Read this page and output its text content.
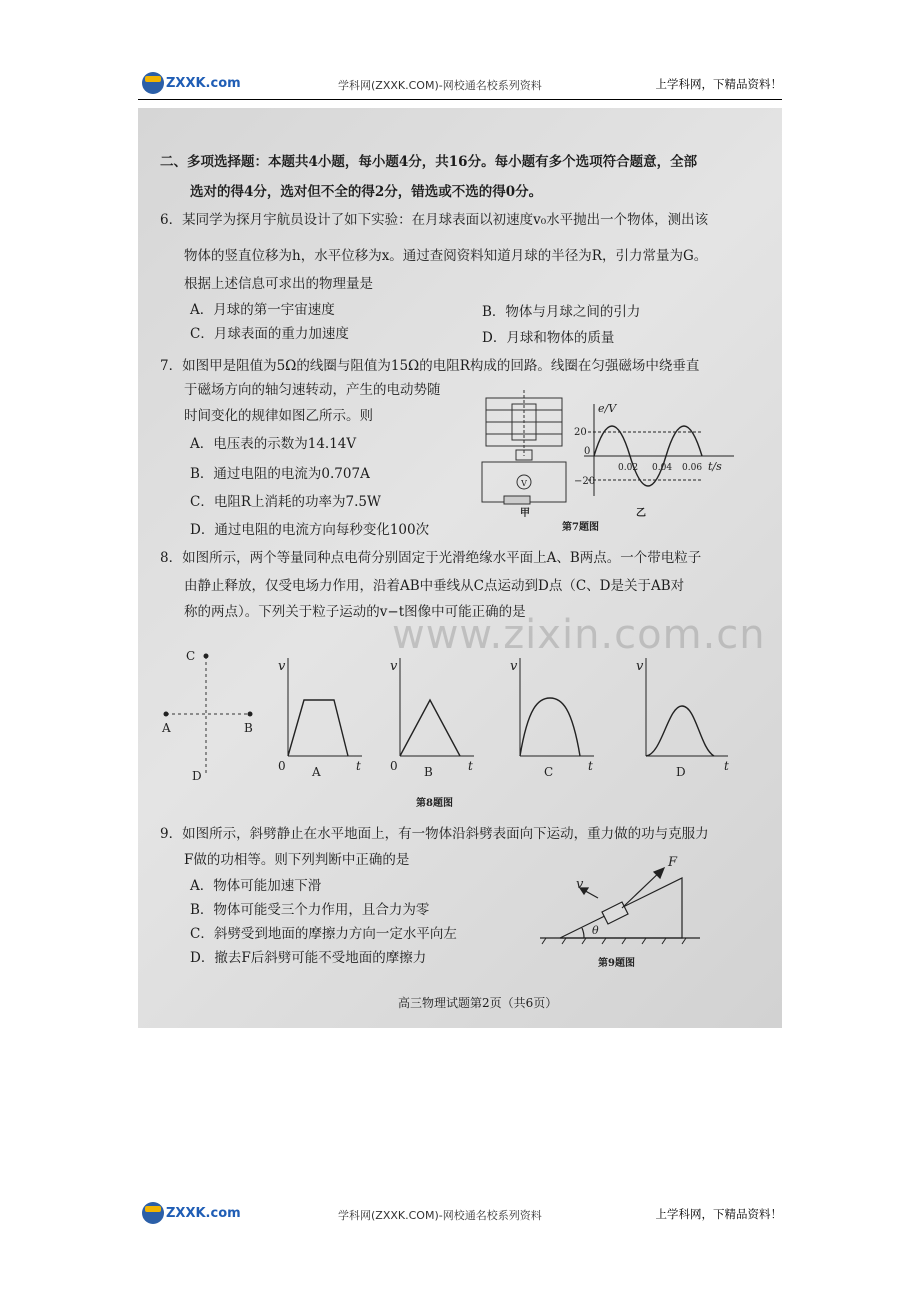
ZXXK.com	学科网(ZXXK.COM)-网校通名校系列资料	上学科网，下精品资料！
二、多项选择题：本题共4小题，每小题4分，共16分。每小题有多个选项符合题意，全部
选对的得4分，选对但不全的得2分，错选或不选的得0分。
6．某同学为探月宇航员设计了如下实验：在月球表面以初速度v₀水平抛出一个物体，测出该
物体的竖直位移为h，水平位移为x。通过查阅资料知道月球的半径为R，引力常量为G。
根据上述信息可求出的物理量是
A．月球的第一宇宙速度	B．物体与月球之间的引力
C．月球表面的重力加速度	D．月球和物体的质量
7．如图甲是阻值为5Ω的线圈与阻值为15Ω的电阻R构成的回路。线圈在匀强磁场中绕垂直
于磁场方向的轴匀速转动，产生的电动势随
时间变化的规律如图乙所示。则
A．电压表的示数为14.14V
B．通过电阻的电流为0.707A
C．电阻R上消耗的功率为7.5W
D．通过电阻的电流方向每秒变化100次
V
甲
e/V
20
−20
0
0.02 0.04 0.06 t/s
第7题图
乙
8．如图所示，两个等量同种点电荷分别固定于光滑绝缘水平面上A、B两点。一个带电粒子
由静止释放，仅受电场力作用，沿着AB中垂线从C点运动到D点（C、D是关于AB对
称的两点）。下列关于粒子运动的v−t图像中可能正确的是
C
A	B
D
v
0 A	t
v
0 B	t
v
C	t
v
D	t
第8题图
9．如图所示，斜劈静止在水平地面上，有一物体沿斜劈表面向下运动，重力做的功与克服力
F做的功相等。则下列判断中正确的是
A．物体可能加速下滑
B．物体可能受三个力作用，且合力为零
C．斜劈受到地面的摩擦力方向一定水平向左
D．撤去F后斜劈可能不受地面的摩擦力
F
v
θ
第9题图
高三物理试题第2页（共6页）
www.zixin.com.cn
ZXXK.com	学科网(ZXXK.COM)-网校通名校系列资料	上学科网，下精品资料！
